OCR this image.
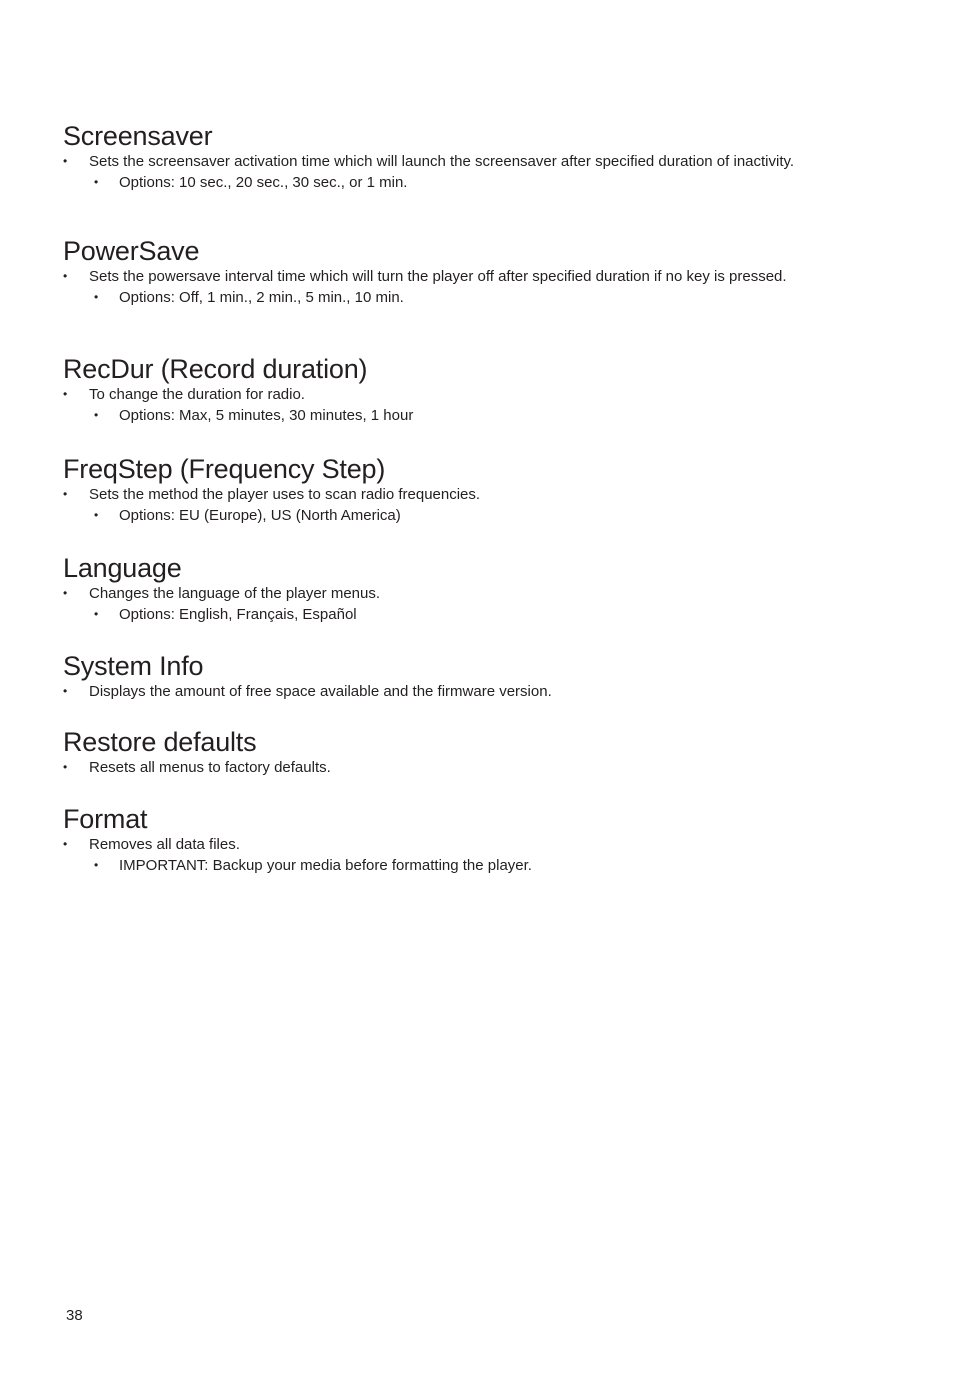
Screensaver
• Sets the screensaver activation time which will launch the screensaver after specified duration of inactivity.
• Options: 10 sec., 20 sec., 30 sec., or 1 min.
PowerSave
• Sets the powersave interval time which will turn the player off after specified duration if no key is pressed.
• Options: Off, 1 min., 2 min., 5 min., 10 min.
RecDur (Record duration)
• To change the duration for radio.
• Options: Max, 5 minutes, 30 minutes, 1 hour
FreqStep (Frequency Step)
• Sets the method the player uses to scan radio frequencies.
• Options: EU (Europe), US (North America)
Language
• Changes the language of the player menus.
• Options: English, Français, Español
System Info
• Displays the amount of free space available and the firmware version.
Restore defaults
• Resets all menus to factory defaults.
Format
• Removes all data files.
• IMPORTANT: Backup your media before formatting the player.
38
